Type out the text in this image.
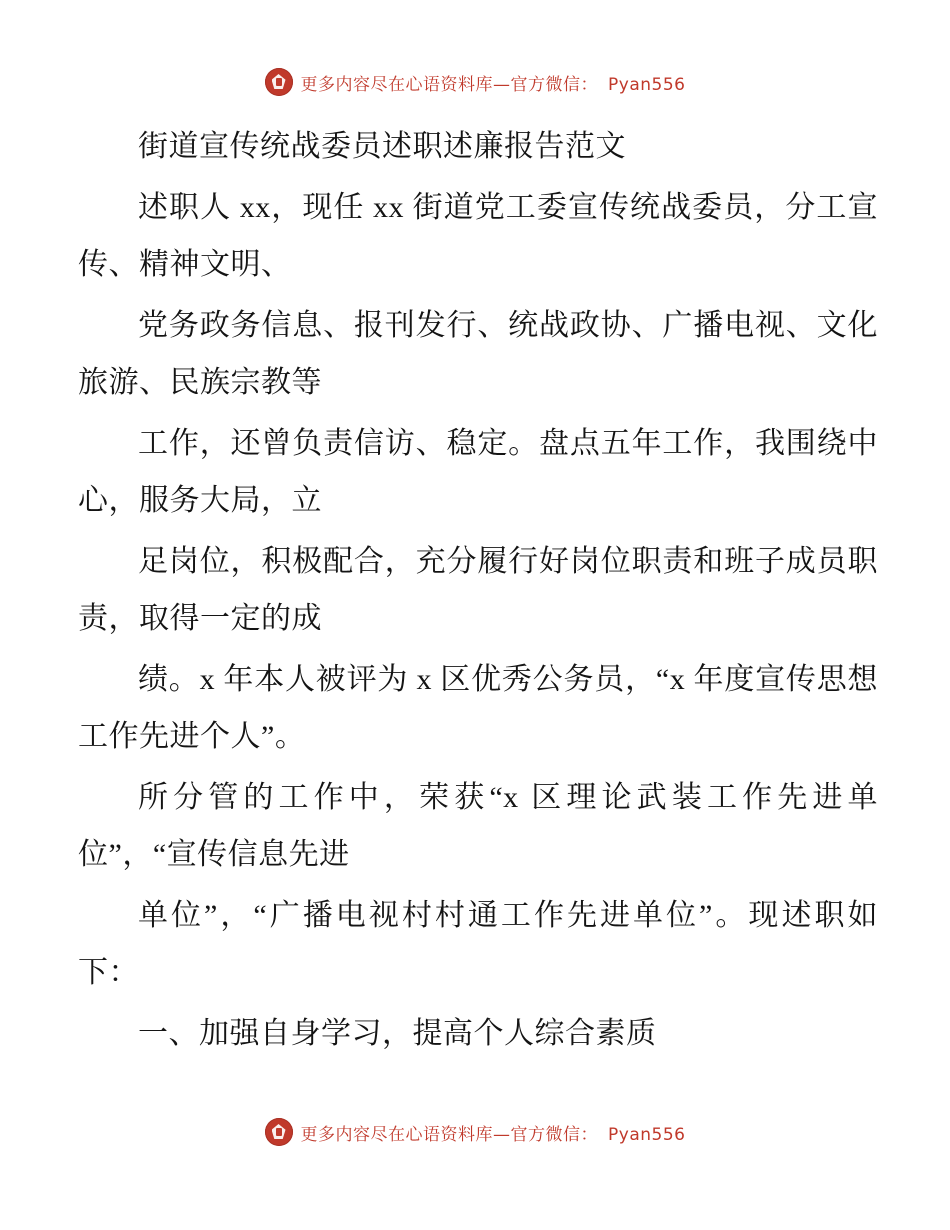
更多内容尽在心语资料库—官方微信： Pyan556

街道宣传统战委员述职述廉报告范文

述职人 xx，现任 xx 街道党工委宣传统战委员，分工宣传、精神文明、

党务政务信息、报刊发行、统战政协、广播电视、文化旅游、民族宗教等

工作，还曾负责信访、稳定。盘点五年工作，我围绕中心，服务大局，立

足岗位，积极配合，充分履行好岗位职责和班子成员职责，取得一定的成

绩。x 年本人被评为 x 区优秀公务员，“x 年度宣传思想工作先进个人”。

所分管的工作中，荣获“x 区理论武装工作先进单位”，“宣传信息先进

单位”，“广播电视村村通工作先进单位”。现述职如下：

一、加强自身学习，提高个人综合素质

更多内容尽在心语资料库—官方微信： Pyan556
